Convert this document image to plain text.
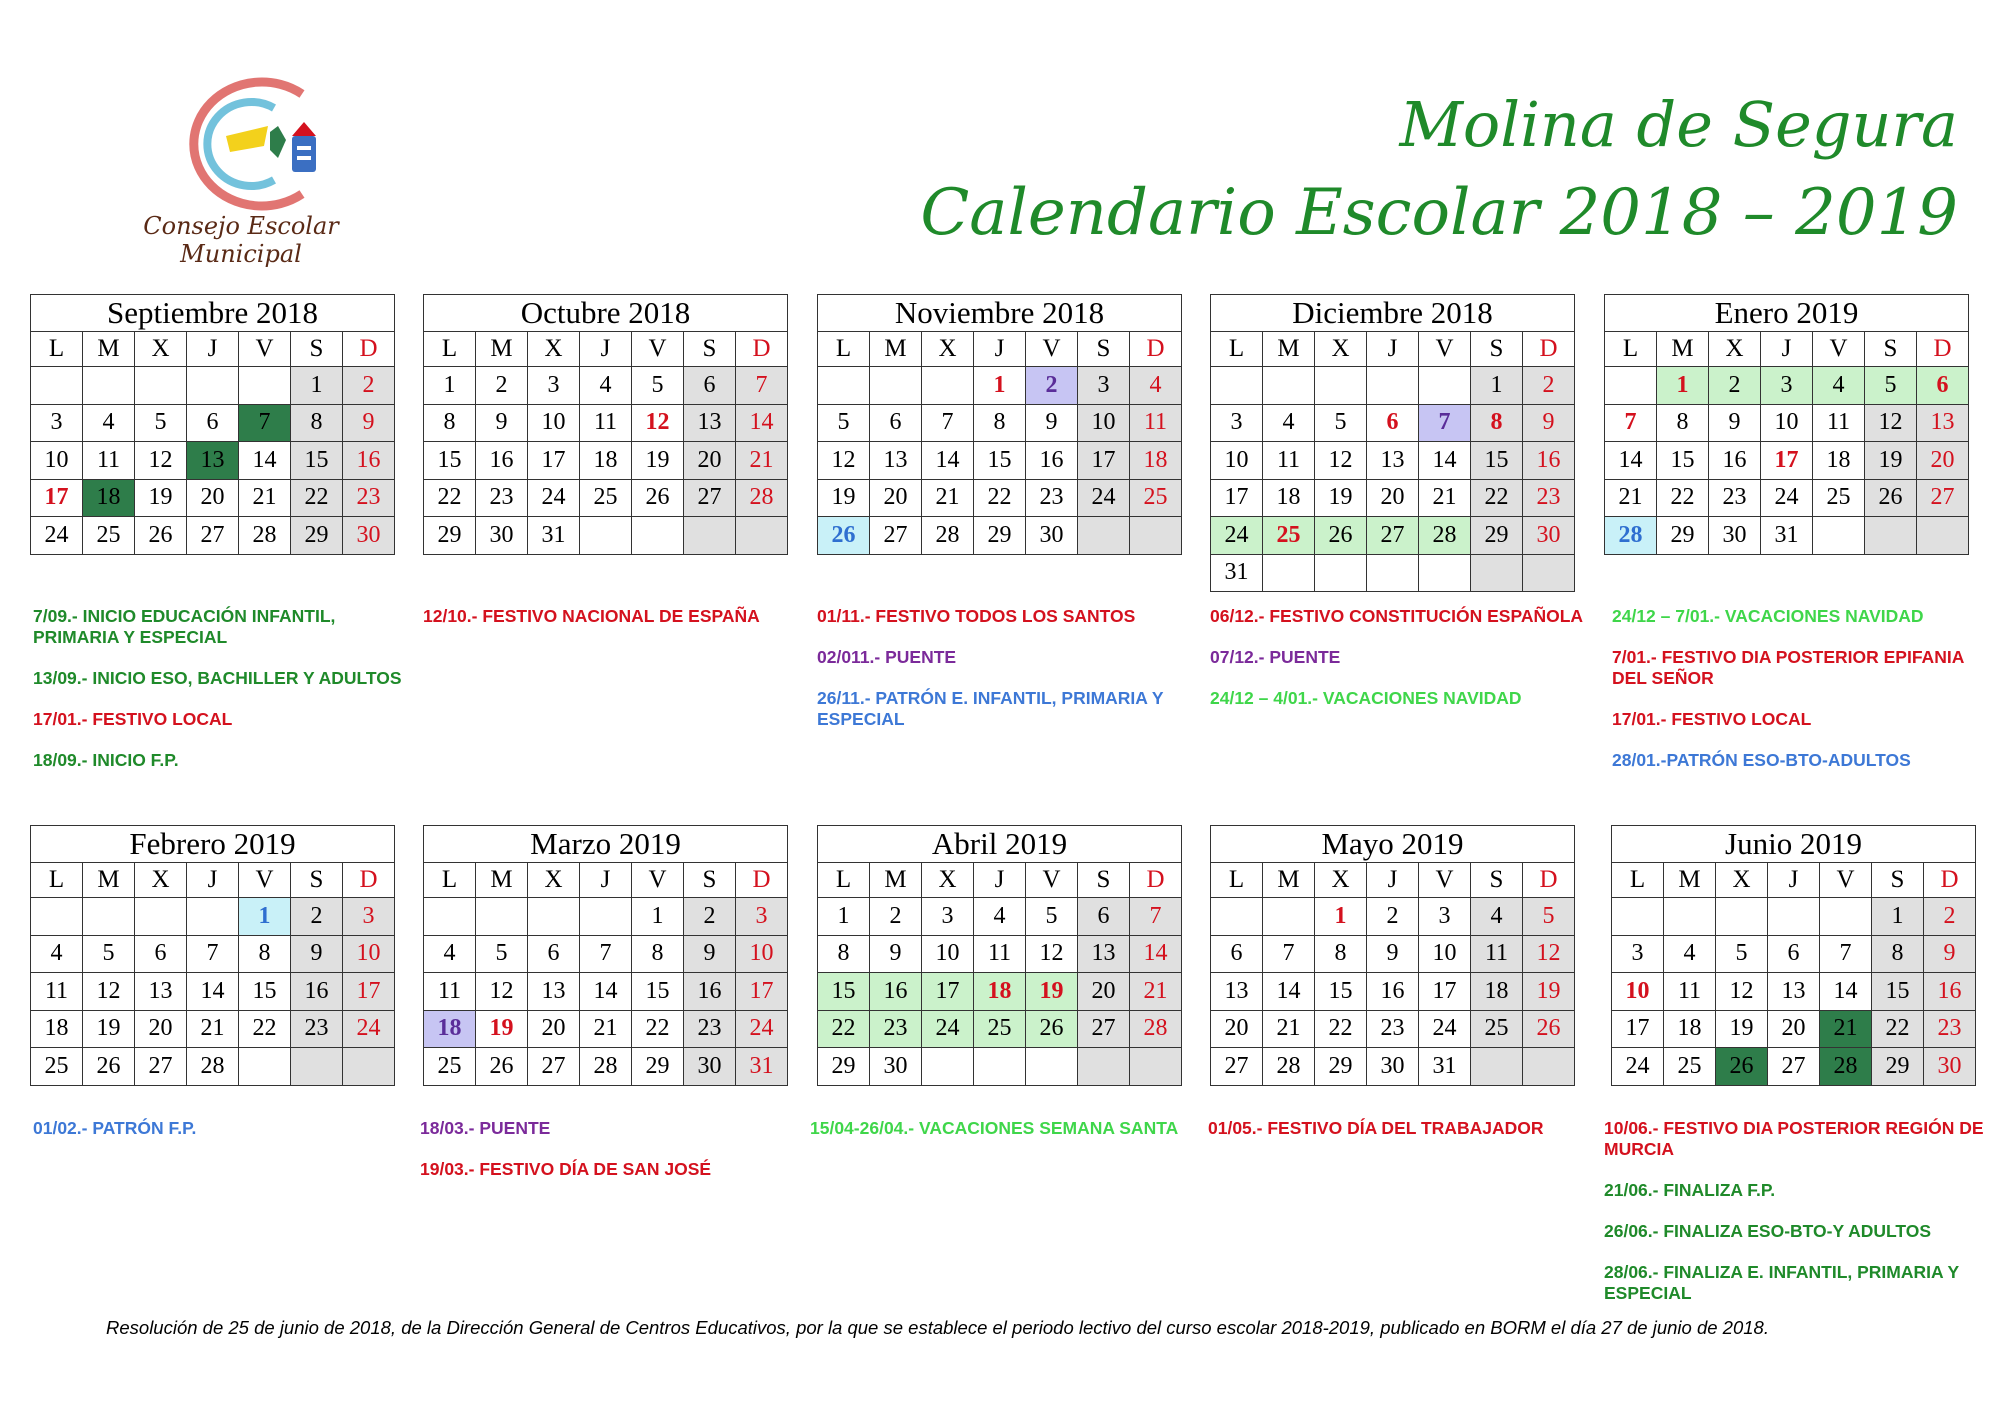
Consejo Escolar Municipal
Molina de Segura
Calendario Escolar 2018 – 2019
Septiembre 2018						
L	M	X	J	V	S	D
					1	2
3	4	5	6	7	8	9
10	11	12	13	14	15	16
17	18	19	20	21	22	23
24	25	26	27	28	29	30
Octubre 2018						
L	M	X	J	V	S	D
1	2	3	4	5	6	7
8	9	10	11	12	13	14
15	16	17	18	19	20	21
22	23	24	25	26	27	28
29	30	31				
Noviembre 2018						
L	M	X	J	V	S	D
			1	2	3	4
5	6	7	8	9	10	11
12	13	14	15	16	17	18
19	20	21	22	23	24	25
26	27	28	29	30		
Diciembre 2018						
L	M	X	J	V	S	D
					1	2
3	4	5	6	7	8	9
10	11	12	13	14	15	16
17	18	19	20	21	22	23
24	25	26	27	28	29	30
31						
Enero 2019						
L	M	X	J	V	S	D
	1	2	3	4	5	6
7	8	9	10	11	12	13
14	15	16	17	18	19	20
21	22	23	24	25	26	27
28	29	30	31			
Febrero 2019						
L	M	X	J	V	S	D
				1	2	3
4	5	6	7	8	9	10
11	12	13	14	15	16	17
18	19	20	21	22	23	24
25	26	27	28			
Marzo 2019						
L	M	X	J	V	S	D
				1	2	3
4	5	6	7	8	9	10
11	12	13	14	15	16	17
18	19	20	21	22	23	24
25	26	27	28	29	30	31
Abril 2019						
L	M	X	J	V	S	D
1	2	3	4	5	6	7
8	9	10	11	12	13	14
15	16	17	18	19	20	21
22	23	24	25	26	27	28
29	30					
Mayo 2019						
L	M	X	J	V	S	D
		1	2	3	4	5
6	7	8	9	10	11	12
13	14	15	16	17	18	19
20	21	22	23	24	25	26
27	28	29	30	31		
Junio 2019						
L	M	X	J	V	S	D
					1	2
3	4	5	6	7	8	9
10	11	12	13	14	15	16
17	18	19	20	21	22	23
24	25	26	27	28	29	30
7/09.- INICIO EDUCACIÓN INFANTIL, PRIMARIA Y ESPECIAL
13/09.- INICIO ESO, BACHILLER Y ADULTOS
17/01.- FESTIVO LOCAL
18/09.- INICIO F.P.
12/10.- FESTIVO NACIONAL DE ESPAÑA	01/11.- FESTIVO TODOS LOS SANTOS
02/011.- PUENTE
26/11.- PATRÓN E. INFANTIL, PRIMARIA Y ESPECIAL
06/12.- FESTIVO CONSTITUCIÓN ESPAÑOLA
07/12.- PUENTE
24/12 – 4/01.- VACACIONES NAVIDAD
24/12 – 7/01.- VACACIONES NAVIDAD
7/01.- FESTIVO DIA POSTERIOR EPIFANIA DEL SEÑOR
17/01.- FESTIVO LOCAL
28/01.-PATRÓN ESO-BTO-ADULTOS
01/02.- PATRÓN F.P.	18/03.- PUENTE
19/03.- FESTIVO DÍA DE SAN JOSÉ
15/04-26/04.- VACACIONES SEMANA SANTA	01/05.- FESTIVO DÍA DEL TRABAJADOR	10/06.- FESTIVO DIA POSTERIOR REGIÓN DE MURCIA
21/06.- FINALIZA F.P.
26/06.- FINALIZA ESO-BTO-Y ADULTOS
28/06.- FINALIZA E. INFANTIL, PRIMARIA Y ESPECIAL
Resolución de 25 de junio de 2018, de la Dirección General de Centros Educativos, por la que se establece el periodo lectivo del curso escolar 2018-2019, publicado en BORM el día 27 de junio de 2018.
